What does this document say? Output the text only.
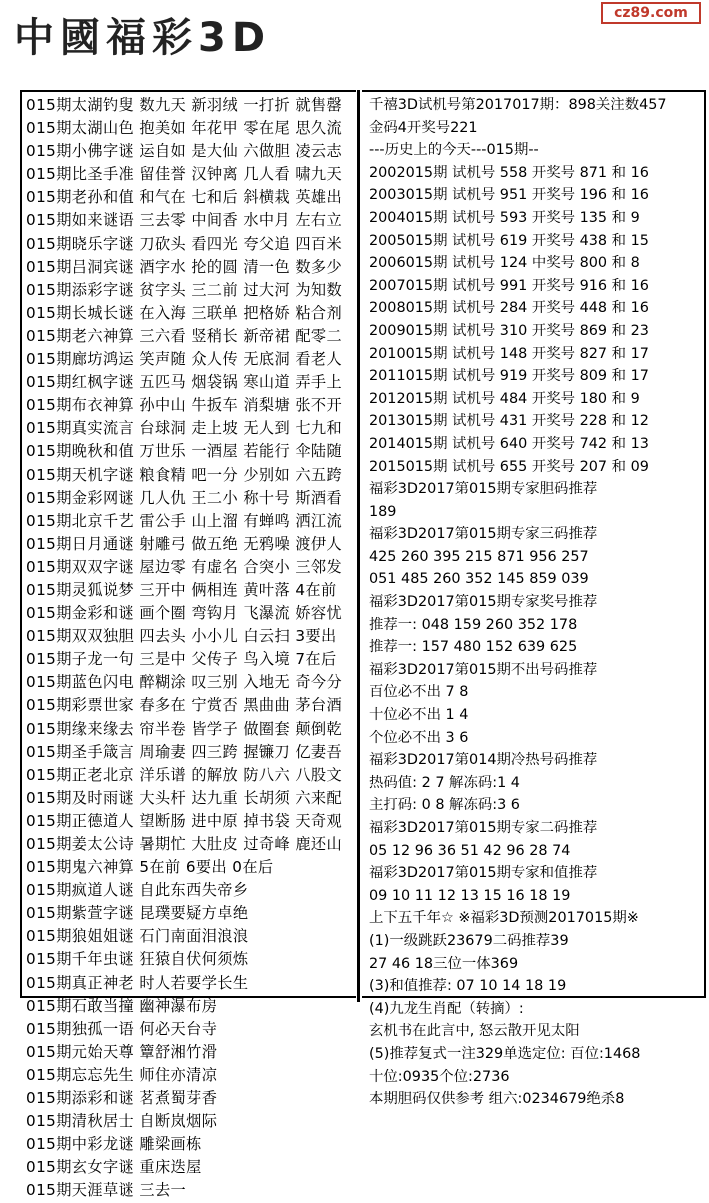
中國福彩3D
cz89.com
015期太湖钓叟 数九天 新羽绒 一打折 就售罄
015期太湖山色 抱美如 年花甲 零在尾 思久流
015期小佛字谜 运自如 是大仙 六做胆 凌云志
015期比圣手准 留佳誉 汉钟离 几人看 啸九天
015期老孙和值 和气在 七和后 斜横栽 英雄出
015期如来谜语 三去零 中间香 水中月 左右立
015期晓乐字谜 刀砍头 看四光 夸父追 四百米
015期吕洞宾谜 酒字水 抡的圆 清一色 数多少
015期添彩字谜 贫字头 三二前 过大河 为知数
015期长城长谜 在入海 三联单 把格娇 粘合剂
015期老六神算 三六看 竖稍长 新帝裙 配零二
015期廊坊鸿运 笑声随 众人传 无底洞 看老人
015期红枫字谜 五匹马 烟袋锅 寒山道 弄手上
015期布衣神算 孙中山 牛扳车 消梨塘 张不开
015期真实流言 台球洞 走上坡 无人到 七九和
015期晚秋和值 万世乐 一酒屋 若能行 伞陆随
015期天机字谜 粮食精 吧一分 少别如 六五跨
015期金彩网谜 几人仇 王二小 称十号 斯酒看
015期北京千艺 雷公手 山上溜 有蝉鸣 洒江流
015期日月通谜 射雕弓 做五绝 无鸦噪 渡伊人
015期双双字谜 屋边零 有虚名 合突小 三邻发
015期灵狐说梦 三开中 俩相连 黄叶落 4在前
015期金彩和谜 画个圈 弯钩月 飞瀑流 娇容忧
015期双双独胆 四去头 小小儿 白云扫 3要出
015期子龙一句 三是中 父传子 鸟入境 7在后
015期蓝色闪电 醉糊涂 叹三别 入地无 奇今分
015期彩票世家 春多在 宁赏否 黑曲曲 茅台酒
015期缘来缘去 帘半卷 皆学子 做圈套 颠倒乾
015期圣手箴言 周瑜妻 四三跨 握镰刀 亿妻吾
015期正老北京 洋乐谱 的解放 防八六 八股文
015期及时雨谜 大头杆 达九重 长胡须 六来配
015期正德道人 望断肠 进中原 掉书袋 天奇观
015期姜太公诗 暑期忙 大肚皮 过奇峰 鹿还山
015期鬼六神算 5在前 6要出 0在后
015期疯道人谜 自此东西失帝乡
015期紫萱字谜 昆璞要疑方卓绝
015期狼姐姐谜 石门南面泪浪浪
015期千年虫谜 狂猿自伏何须炼
015期真正神老 时人若要学长生
015期石敢当撞 幽神瀑布房
015期独孤一语 何必天台寺
015期元始天尊 簟舒湘竹滑
015期忘忘先生 师住亦清凉
015期添彩和谜 茗煮蜀芽香
015期清秋居士 自断岚烟际
015期中彩龙谜 雕梁画栋
015期玄女字谜 重床迭屋
015期天涯草谜 三去一
千禧3D试机号第2017017期：898关注数457
金码4开奖号221
---历史上的今天---015期--
2002015期 试机号 558 开奖号 871 和 16
2003015期 试机号 951 开奖号 196 和 16
2004015期 试机号 593 开奖号 135 和 9
2005015期 试机号 619 开奖号 438 和 15
2006015期 试机号 124 中奖号 800 和 8
2007015期 试机号 991 开奖号 916 和 16
2008015期 试机号 284 开奖号 448 和 16
2009015期 试机号 310 开奖号 869 和 23
2010015期 试机号 148 开奖号 827 和 17
2011015期 试机号 919 开奖号 809 和 17
2012015期 试机号 484 开奖号 180 和 9
2013015期 试机号 431 开奖号 228 和 12
2014015期 试机号 640 开奖号 742 和 13
2015015期 试机号 655 开奖号 207 和 09
福彩3D2017第015期专家胆码推荐
189
福彩3D2017第015期专家三码推荐
425 260 395 215 871 956 257
051 485 260 352 145 859 039
福彩3D2017第015期专家奖号推荐
推荐一: 048 159 260 352 178
推荐一: 157 480 152 639 625
福彩3D2017第015期不出号码推荐
百位必不出 7 8
十位必不出 1 4
个位必不出 3 6
福彩3D2017第014期冷热号码推荐
热码值: 2 7 解冻码:1 4
主打码: 0 8 解冻码:3 6
福彩3D2017第015期专家二码推荐
05 12 96 36 51 42 96 28 74
福彩3D2017第015期专家和值推荐
09 10 11 12 13 15 16 18 19
上下五千年☆ ※福彩3D预测2017015期※
(1)一级跳跃23679二码推荐39
27 46 18三位一体369
(3)和值推荐: 07 10 14 18 19
(4)九龙生肖配（转摘）:
玄机书在此言中, 怒云散开见太阳
(5)推荐复式一注329单选定位: 百位:1468
十位:0935个位:2736
本期胆码仅供参考 组六:0234679绝杀8
